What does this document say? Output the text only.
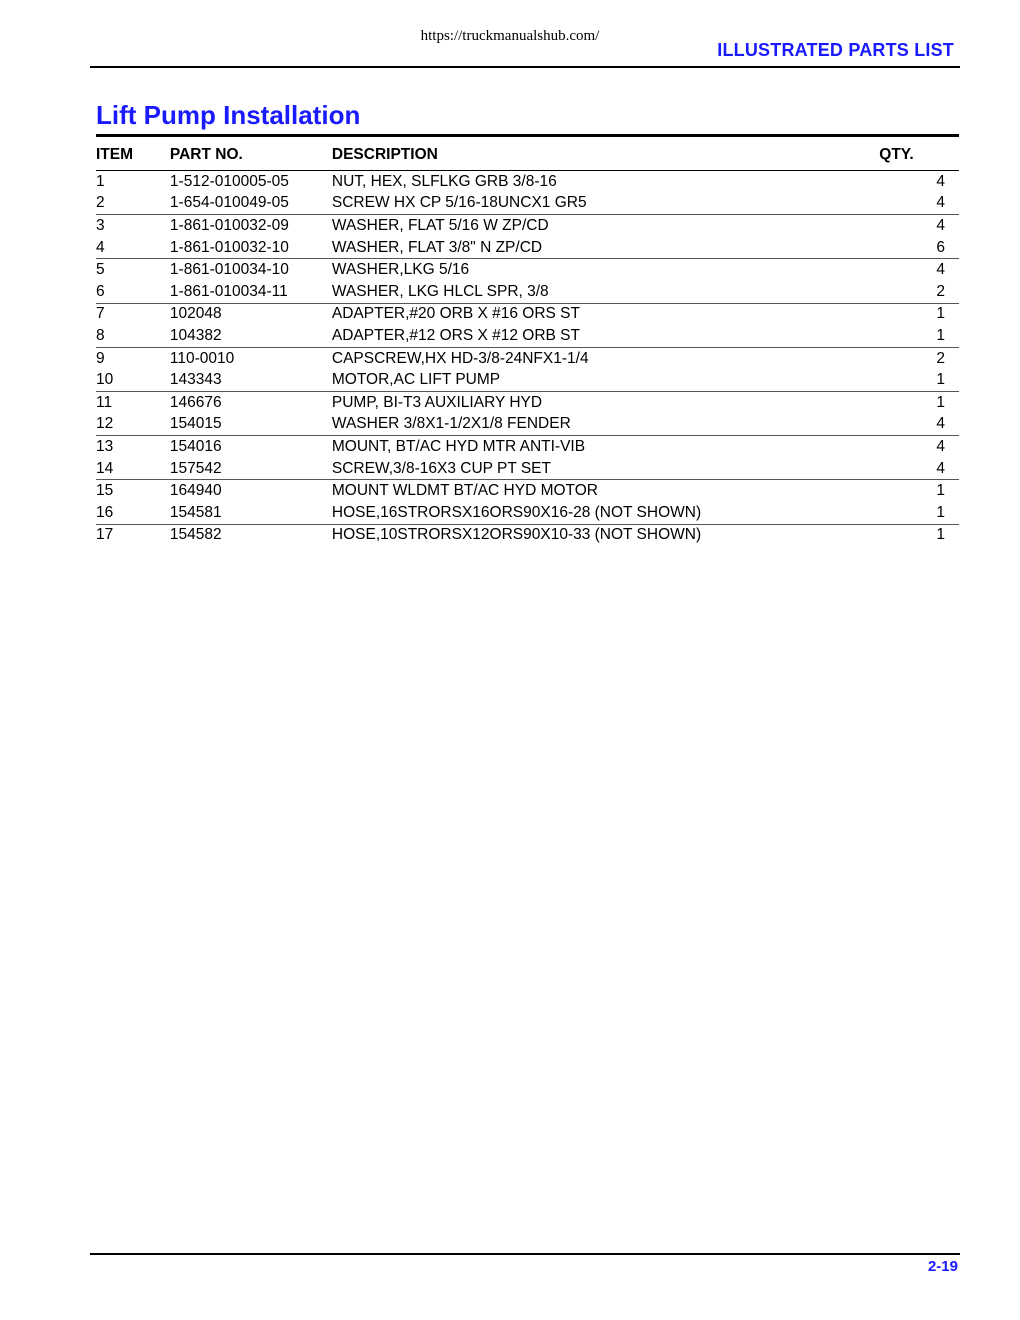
https://truckmanualshub.com/
ILLUSTRATED PARTS LIST
Lift Pump Installation
ITEM	PART NO.	DESCRIPTION	QTY.
1	1-512-010005-05	NUT, HEX, SLFLKG GRB 3/8-16	4
2	1-654-010049-05	SCREW HX CP 5/16-18UNCX1 GR5	4
3	1-861-010032-09	WASHER, FLAT 5/16 W ZP/CD	4
4	1-861-010032-10	WASHER, FLAT 3/8" N ZP/CD	6
5	1-861-010034-10	WASHER,LKG 5/16	4
6	1-861-010034-11	WASHER, LKG HLCL SPR, 3/8	2
7	102048	ADAPTER,#20 ORB X #16 ORS ST	1
8	104382	ADAPTER,#12 ORS X #12 ORB ST	1
9	110-0010	CAPSCREW,HX HD-3/8-24NFX1-1/4	2
10	143343	MOTOR,AC LIFT PUMP	1
11	146676	PUMP, BI-T3 AUXILIARY HYD	1
12	154015	WASHER 3/8X1-1/2X1/8 FENDER	4
13	154016	MOUNT, BT/AC HYD MTR ANTI-VIB	4
14	157542	SCREW,3/8-16X3 CUP PT SET	4
15	164940	MOUNT WLDMT BT/AC HYD MOTOR	1
16	154581	HOSE,16STRORSX16ORS90X16-28 (NOT SHOWN)	1
17	154582	HOSE,10STRORSX12ORS90X10-33 (NOT SHOWN)	1
2-19
